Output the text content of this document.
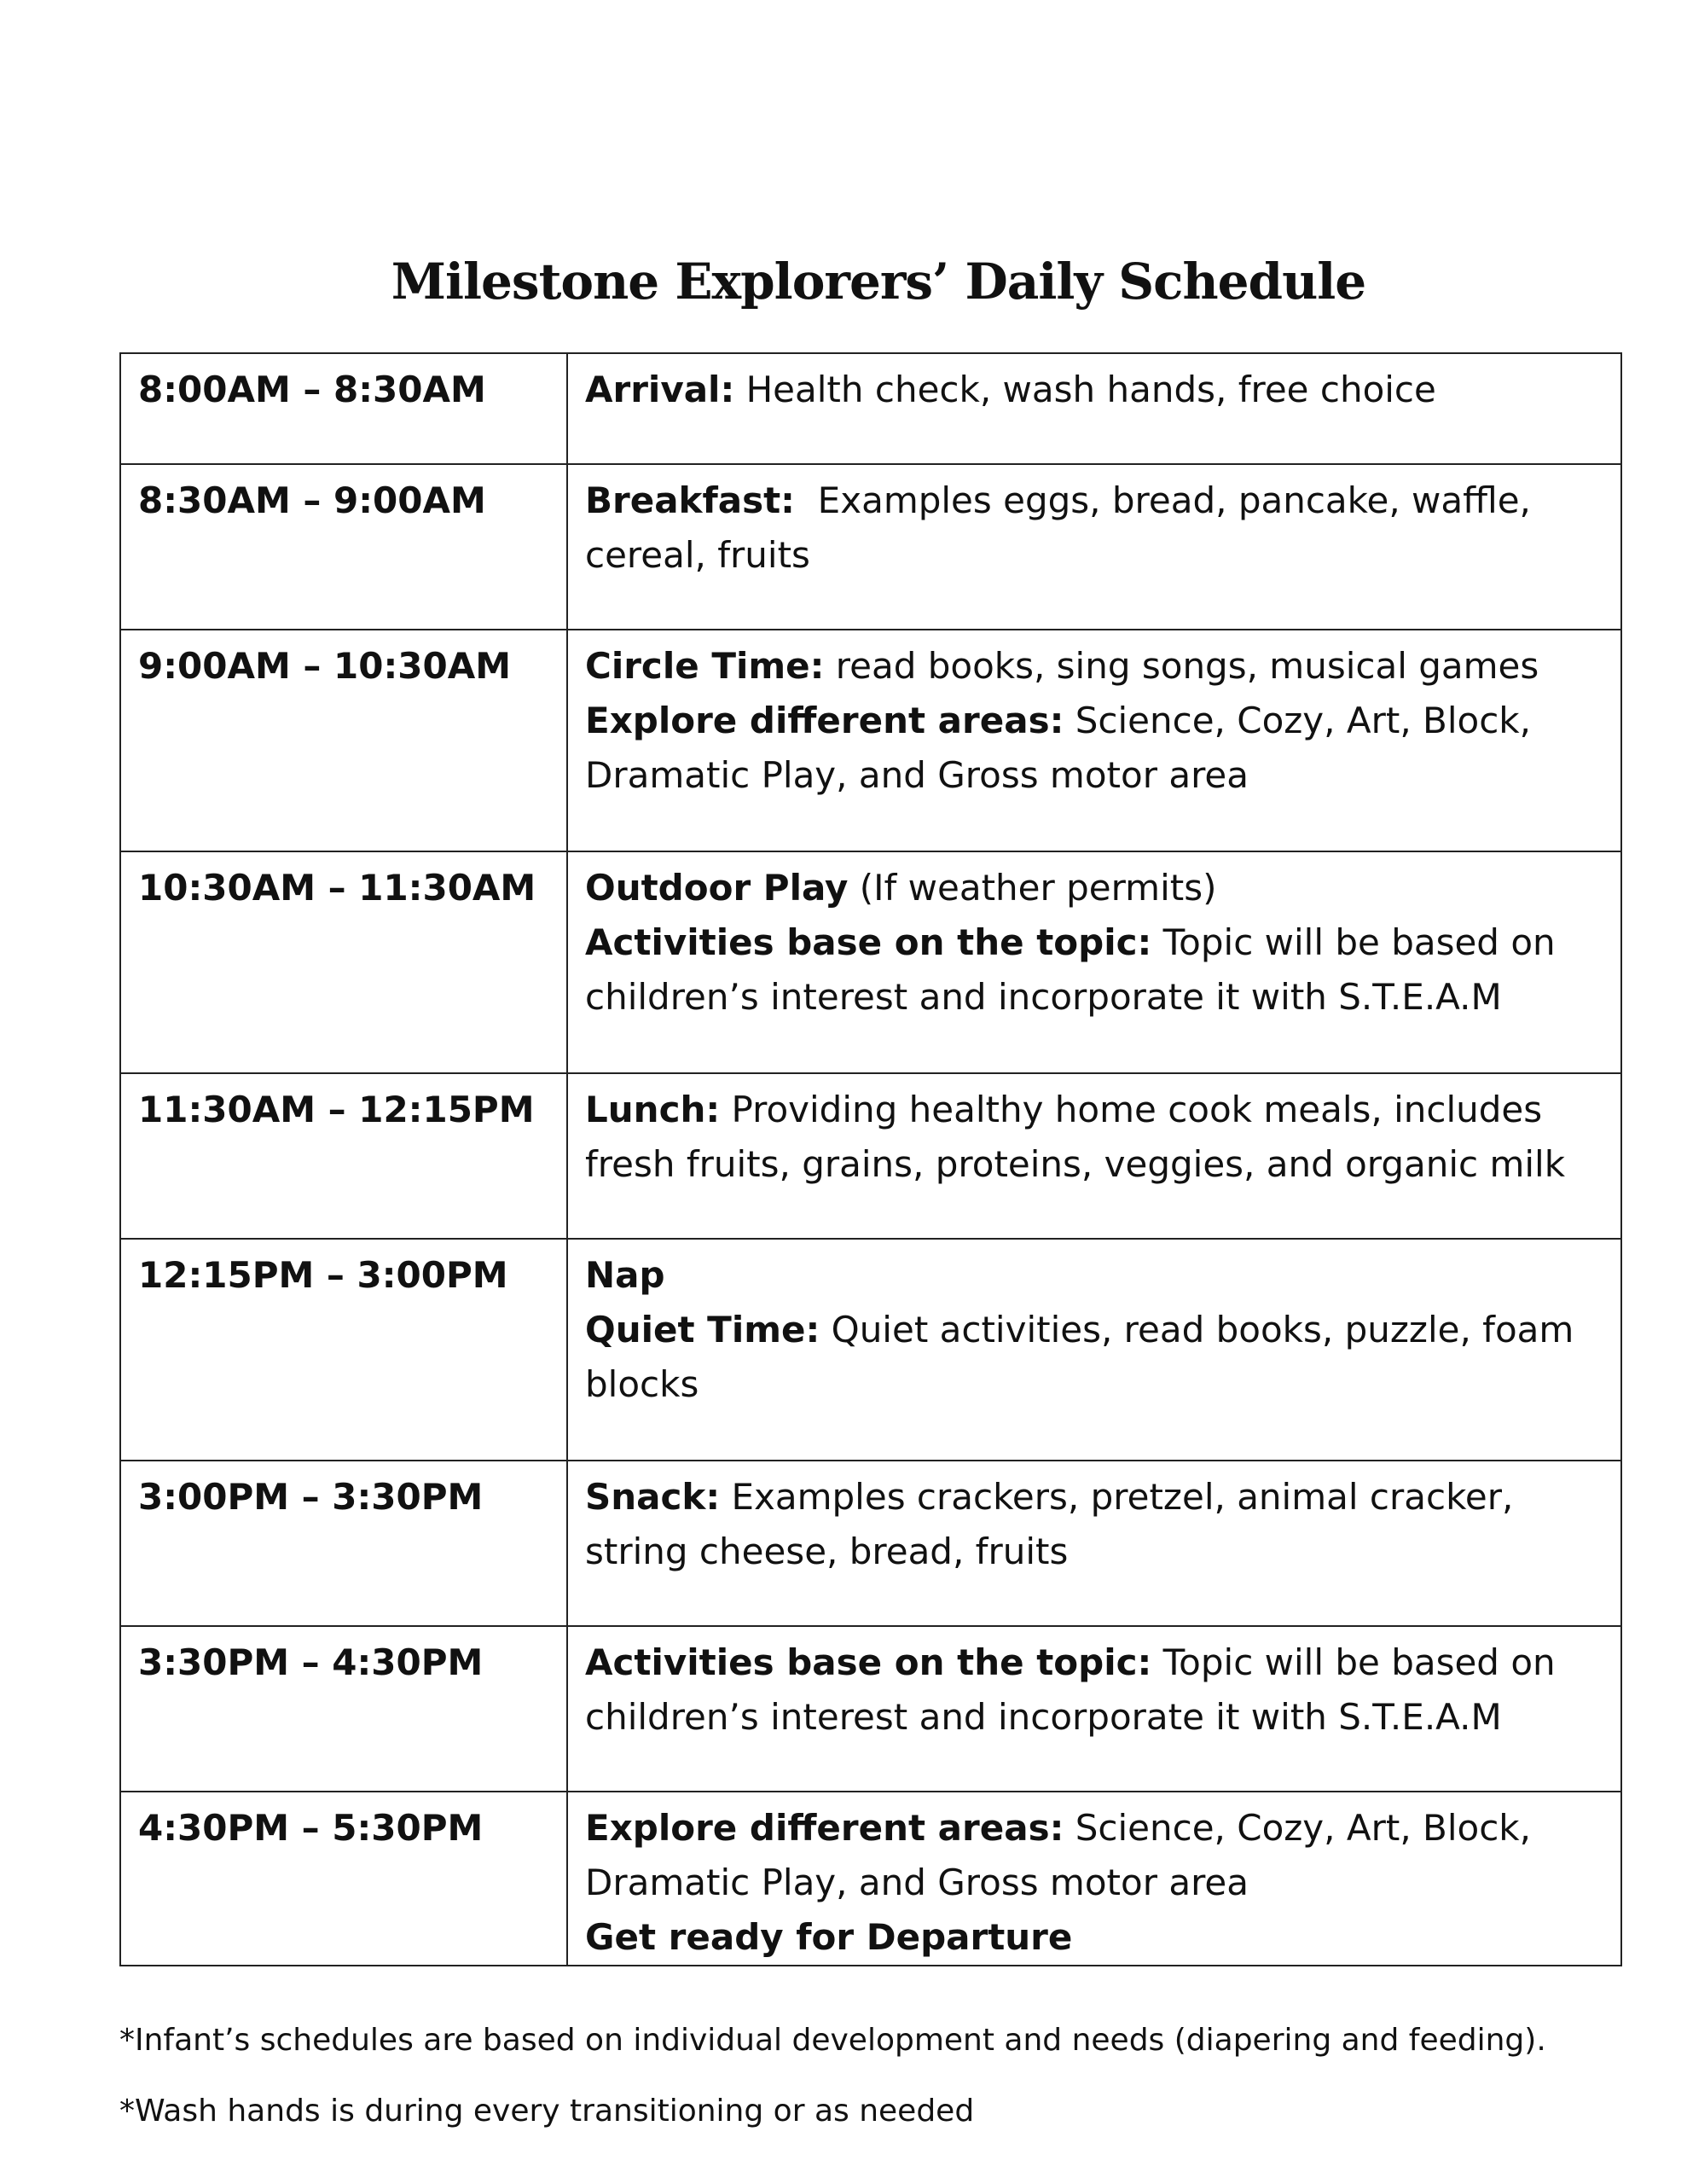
Milestone Explorers’ Daily Schedule
8:00AM – 8:30AM	Arrival: Health check, wash hands, free choice

8:30AM – 9:00AM	Breakfast:  Examples eggs, bread, pancake, waffle,
cereal, fruits

9:00AM – 10:30AM	Circle Time: read books, sing songs, musical games
Explore different areas: Science, Cozy, Art, Block,
Dramatic Play, and Gross motor area

10:30AM – 11:30AM	Outdoor Play (If weather permits)
Activities base on the topic: Topic will be based on
children’s interest and incorporate it with S.T.E.A.M

11:30AM – 12:15PM	Lunch: Providing healthy home cook meals, includes
fresh fruits, grains, proteins, veggies, and organic milk

12:15PM – 3:00PM	Nap
Quiet Time: Quiet activities, read books, puzzle, foam
blocks

3:00PM – 3:30PM	Snack: Examples crackers, pretzel, animal cracker,
string cheese, bread, fruits

3:30PM – 4:30PM	Activities base on the topic: Topic will be based on
children’s interest and incorporate it with S.T.E.A.M

4:30PM – 5:30PM	Explore different areas: Science, Cozy, Art, Block,
Dramatic Play, and Gross motor area
Get ready for Departure
*Infant’s schedules are based on individual development and needs (diapering and feeding).
*Wash hands is during every transitioning or as needed
